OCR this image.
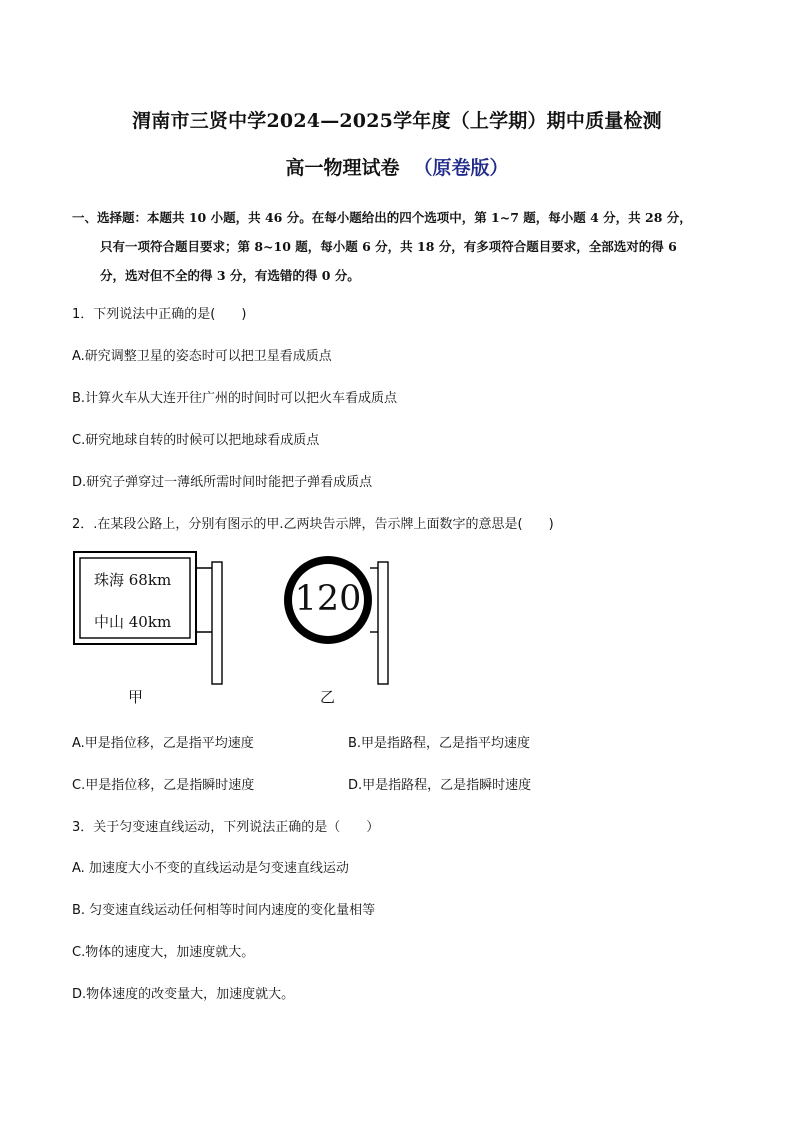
渭南市三贤中学2024—2025学年度（上学期）期中质量检测
高一物理试卷 （原卷版）
一、选择题：本题共 10 小题，共 46 分。在每小题给出的四个选项中，第 1~7 题，每小题 4 分，共 28 分，
只有一项符合题目要求；第 8~10 题，每小题 6 分，共 18 分，有多项符合题目要求，全部选对的得 6
分，选对但不全的得 3 分，有选错的得 0 分。
1．下列说法中正确的是(　　)
A.研究调整卫星的姿态时可以把卫星看成质点
B.计算火车从大连开往广州的时间时可以把火车看成质点
C.研究地球自转的时候可以把地球看成质点
D.研究子弹穿过一薄纸所需时间时能把子弹看成质点
2．.在某段公路上，分别有图示的甲.乙两块告示牌，告示牌上面数字的意思是(　　)
珠海 68km
中山 40km
120
甲	乙
A.甲是指位移，乙是指平均速度	B.甲是指路程，乙是指平均速度
C.甲是指位移，乙是指瞬时速度	D.甲是指路程，乙是指瞬时速度
3．关于匀变速直线运动，下列说法正确的是（　　）
A. 加速度大小不变的直线运动是匀变速直线运动
B. 匀变速直线运动任何相等时间内速度的变化量相等
C.物体的速度大，加速度就大。
D.物体速度的改变量大，加速度就大。
